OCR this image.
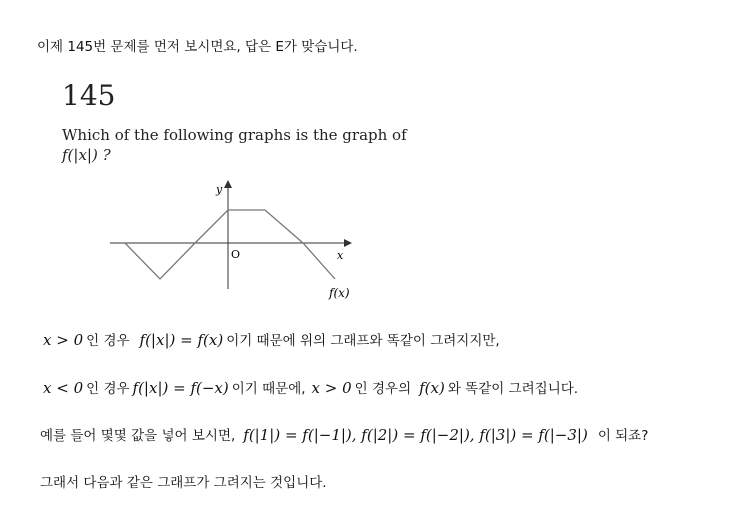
이제 145번 문제를 먼저 보시면요, 답은 E가 맞습니다.
145
Which of the following graphs is the graph of
f(|x|) ?
y
x
O
f(x)
x > 0 인 경우 f(|x|) = f(x) 이기 때문에 위의 그래프와 똑같이 그려지지만,
x < 0 인 경우 f(|x|) = f(−x) 이기 때문에, x > 0 인 경우의 f(x) 와 똑같이 그려집니다.
예를 들어 몇몇 값을 넣어 보시면, f(|1|) = f(|−1|), f(|2|) = f(|−2|), f(|3|) = f(|−3|) 이 되죠?
그래서 다음과 같은 그래프가 그려지는 것입니다.
